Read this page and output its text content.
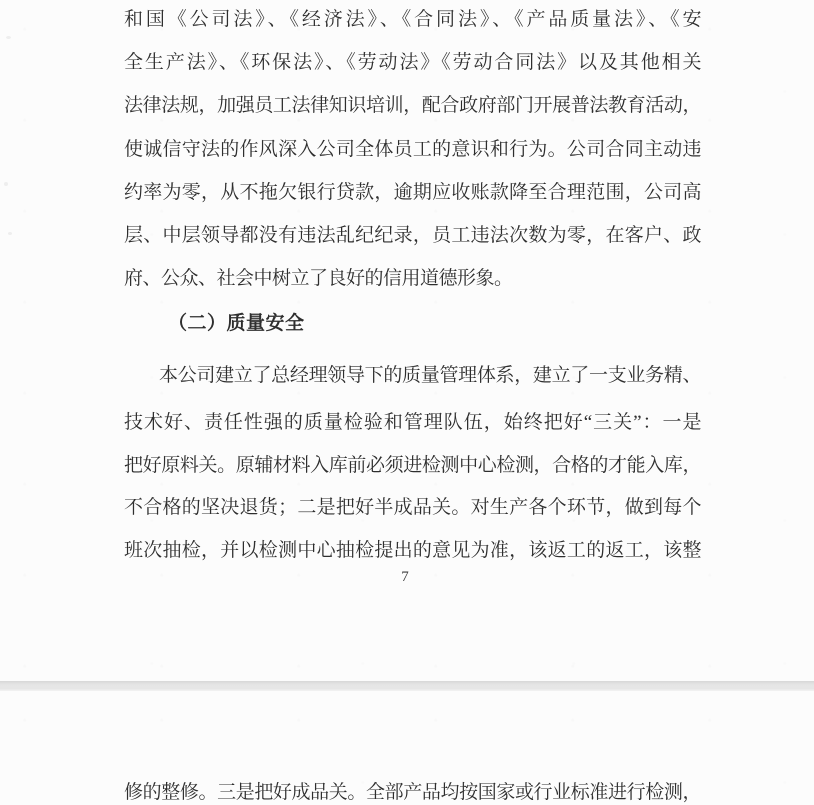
和国《公司法》、《经济法》、《合同法》、《产品质量法》、《安
全生产法》、《环保法》、《劳动法》《劳动合同法》以及其他相关
法律法规，加强员工法律知识培训，配合政府部门开展普法教育活动，
使诚信守法的作风深入公司全体员工的意识和行为。公司合同主动违
约率为零，从不拖欠银行贷款，逾期应收账款降至合理范围，公司高
层、中层领导都没有违法乱纪纪录，员工违法次数为零，在客户、政
府、公众、社会中树立了良好的信用道德形象。
（二）质量安全
本公司建立了总经理领导下的质量管理体系，建立了一支业务精、
技术好、责任性强的质量检验和管理队伍，始终把好“三关”：一是
把好原料关。原辅材料入库前必须进检测中心检测，合格的才能入库，
不合格的坚决退货；二是把好半成品关。对生产各个环节，做到每个
班次抽检，并以检测中心抽检提出的意见为准，该返工的返工，该整
7
修的整修。三是把好成品关。全部产品均按国家或行业标准进行检测，
